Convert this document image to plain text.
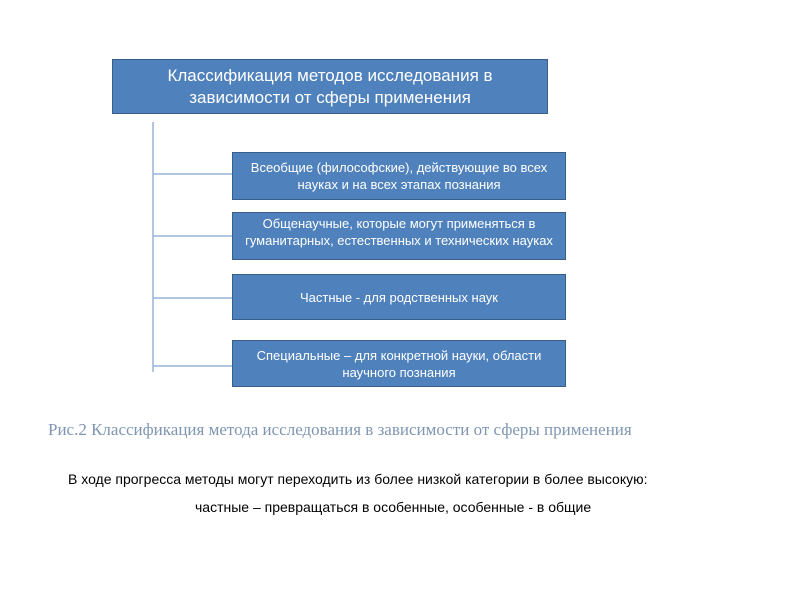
Классификация методов исследования в зависимости от сферы применения
Всеобщие (философские), действующие во всех науках и на всех этапах познания
Общенаучные, которые могут применяться в гуманитарных, естественных и технических науках
Частные - для родственных наук
Специальные – для конкретной науки, области научного познания
Рис.2 Классификация метода исследования в зависимости от сферы применения
В ходе прогресса методы могут переходить из более низкой категории в более высокую:
частные – превращаться в особенные, особенные - в общие
